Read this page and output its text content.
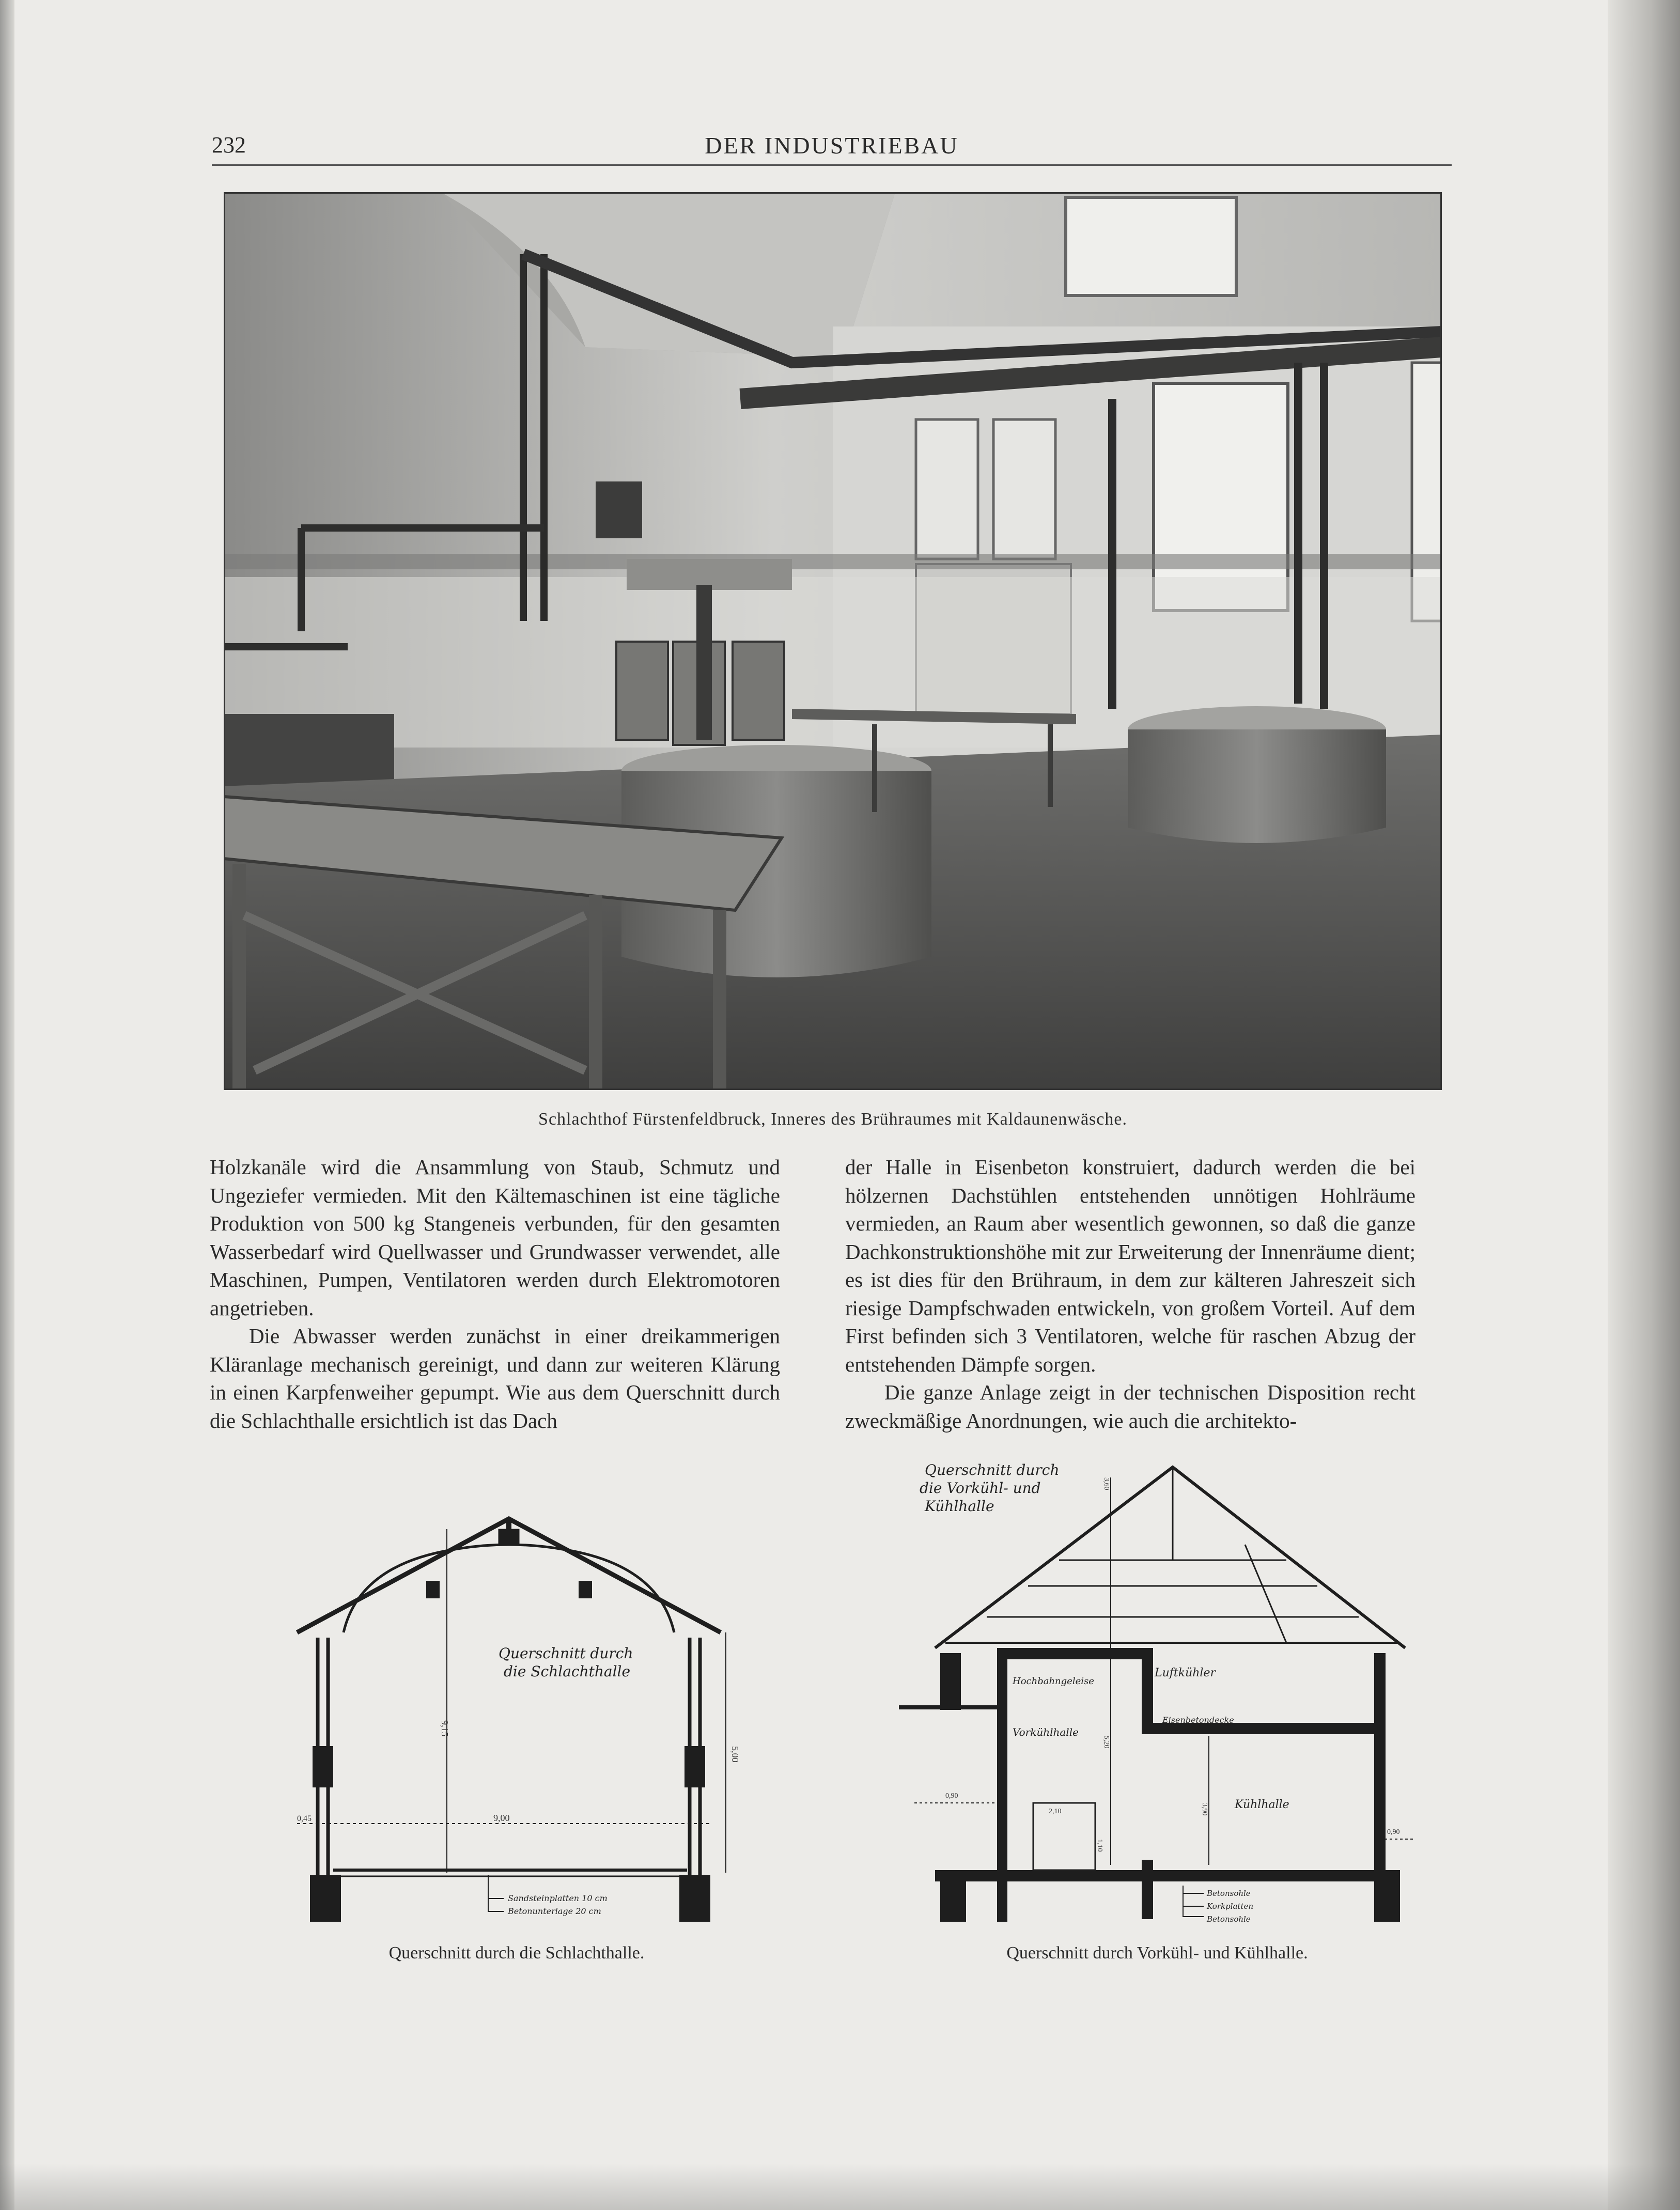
232	DER INDUSTRIEBAU
Schlachthof Fürstenfeldbruck, Inneres des Brühraumes mit Kaldaunenwäsche.

Holzkanäle wird die Ansammlung von Staub, Schmutz und Ungeziefer vermieden. Mit den Kältemaschinen ist eine tägliche Produktion von 500 kg Stangeneis verbunden, für den gesamten Wasserbedarf wird Quellwasser und Grundwasser verwendet, alle Maschinen, Pumpen, Ventilatoren werden durch Elektromotoren angetrieben.

Die Abwasser werden zunächst in einer dreikammerigen Kläranlage mechanisch gereinigt, und dann zur weiteren Klärung in einen Karpfenweiher gepumpt. Wie aus dem Querschnitt durch die Schlachthalle ersichtlich ist das Dach

der Halle in Eisenbeton konstruiert, dadurch werden die bei hölzernen Dachstühlen entstehenden unnötigen Hohlräume vermieden, an Raum aber wesentlich gewonnen, so daß die ganze Dachkonstruktionshöhe mit zur Erweiterung der Innenräume dient; es ist dies für den Brühraum, in dem zur kälteren Jahreszeit sich riesige Dampfschwaden entwickeln, von großem Vorteil. Auf dem First befinden sich 3 Ventilatoren, welche für raschen Abzug der entstehenden Dämpfe sorgen.

Die ganze Anlage zeigt in der technischen Disposition recht zweckmäßige Anordnungen, wie auch die architekto-

Querschnitt durch
die Schlachthalle
9,15
9,00
5,00
0,45
Sandsteinplatten 10 cm
Betonunterlage 20 cm
Querschnitt durch die Schlachthalle.
Querschnitt durch
die Vorkühl- und
Kühlhalle
Hochbahngeleise
Luftkühler
Eisenbetondecke
Vorkühlhalle
Kühlhalle
3,60
5,20
1,10
0,90
0,90
2,10	3,90
Betonsohle
Korkplatten
Betonsohle
Querschnitt durch Vorkühl- und Kühlhalle.
